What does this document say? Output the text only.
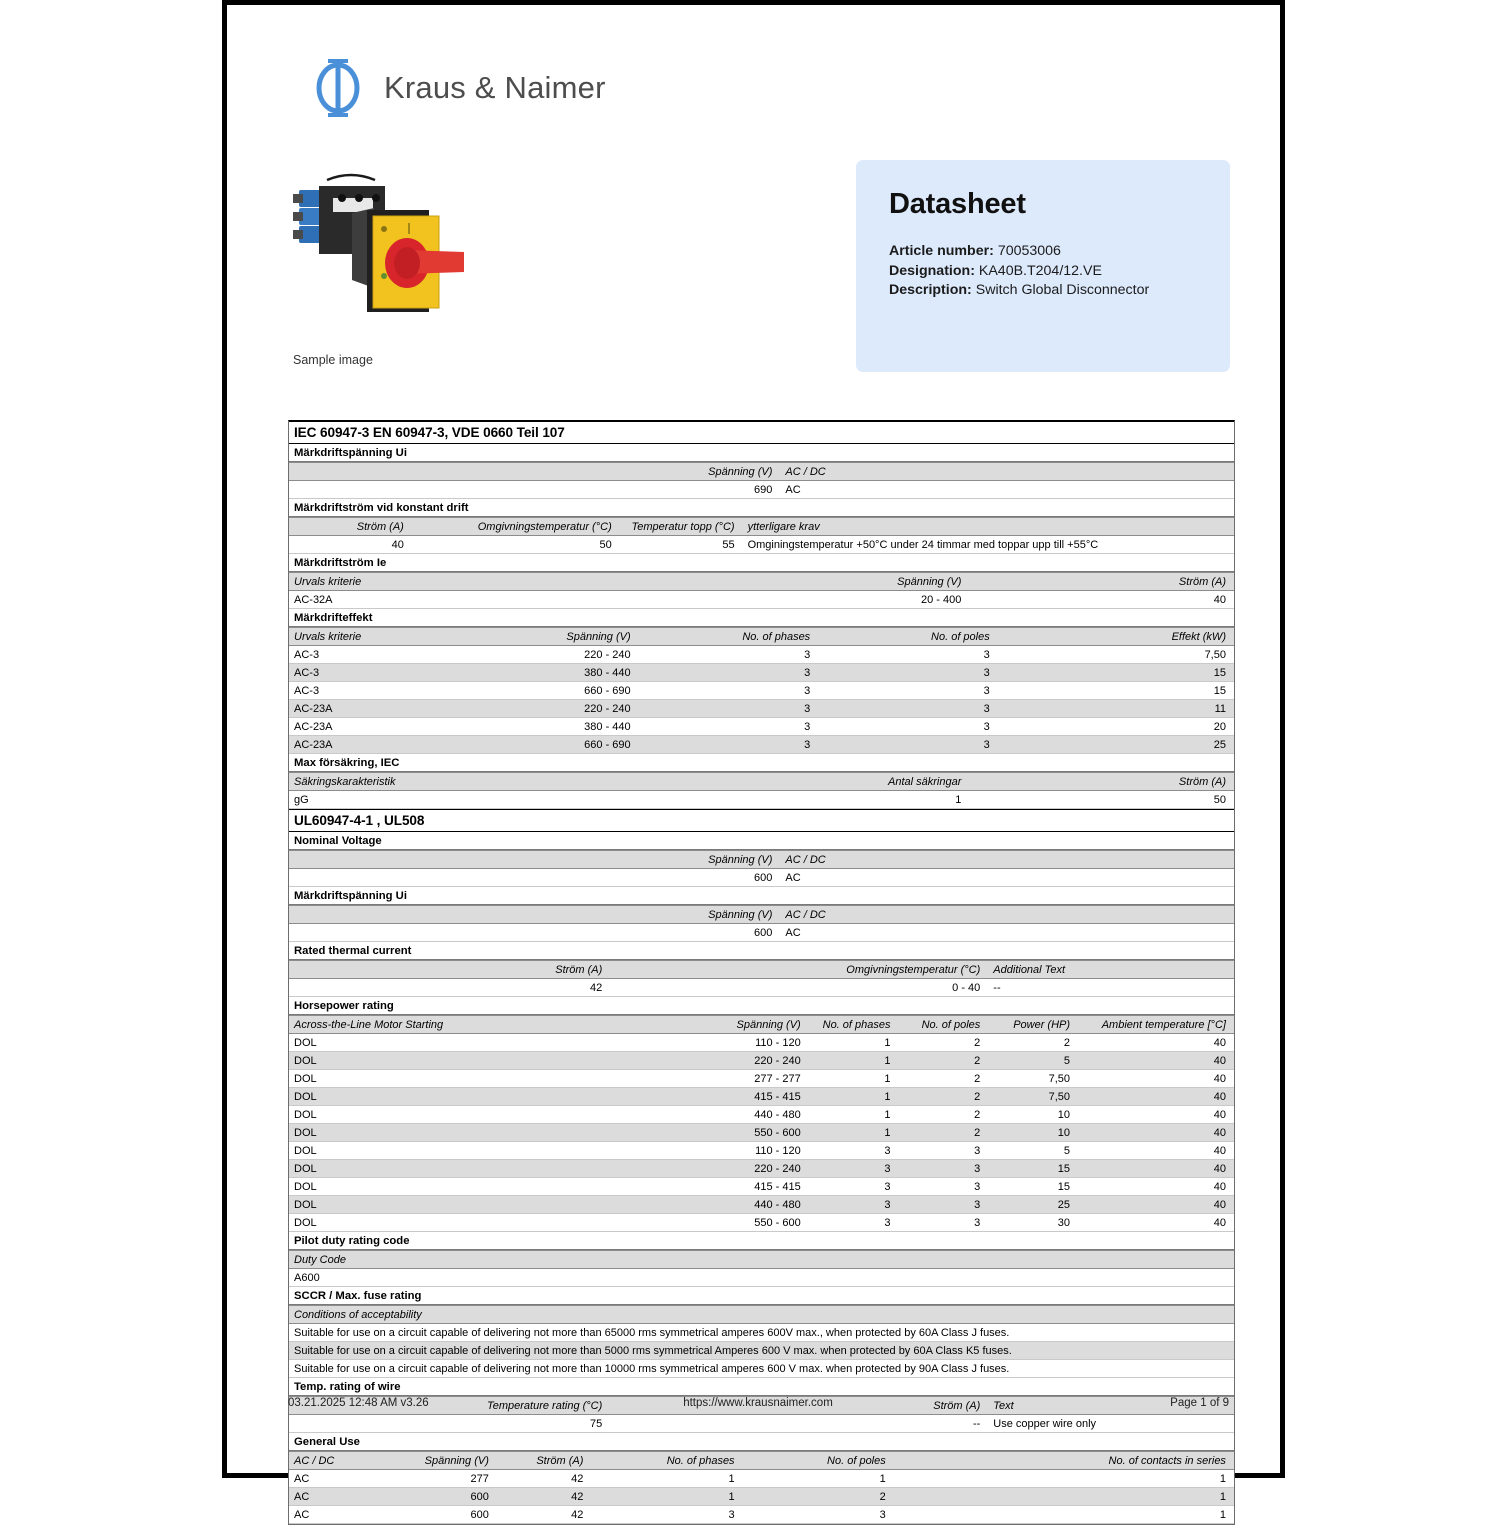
Kraus & Naimer
Sample image
Datasheet
Article number: 70053006
Designation: KA40B.T204/12.VE
Description: Switch Global Disconnector
IEC 60947-3 EN 60947-3, VDE 0660 Teil 107
Märkdriftspänning Ui
Spänning (V)	AC / DC
690	AC
Märkdriftström vid konstant drift
Ström (A)	Omgivningstemperatur (°C)	Temperatur topp (°C)	ytterligare krav
40	50	55	Omginingstemperatur +50°C under 24 timmar med toppar upp till +55°C
Märkdriftström Ie
Urvals kriterie	Spänning (V)	Ström (A)
AC-32A	20 - 400	40
Märkdrifteffekt
Urvals kriterie	Spänning (V)	No. of phases	No. of poles	Effekt (kW)
AC-3	220 - 240	3	3	7,50
AC-3	380 - 440	3	3	15
AC-3	660 - 690	3	3	15
AC-23A	220 - 240	3	3	11
AC-23A	380 - 440	3	3	20
AC-23A	660 - 690	3	3	25
Max försäkring, IEC
Säkringskarakteristik	Antal säkringar	Ström (A)
gG	1	50
UL60947-4-1 , UL508
Nominal Voltage
Spänning (V)	AC / DC
600	AC
Märkdriftspänning Ui
Spänning (V)	AC / DC
600	AC
Rated thermal current
Ström (A)	Omgivningstemperatur (°C)	Additional Text
42	0 - 40	--
Horsepower rating
Across-the-Line Motor Starting	Spänning (V)	No. of phases	No. of poles	Power (HP)	Ambient temperature [°C]
DOL	110 - 120	1	2	2	40
DOL	220 - 240	1	2	5	40
DOL	277 - 277	1	2	7,50	40
DOL	415 - 415	1	2	7,50	40
DOL	440 - 480	1	2	10	40
DOL	550 - 600	1	2	10	40
DOL	110 - 120	3	3	5	40
DOL	220 - 240	3	3	15	40
DOL	415 - 415	3	3	15	40
DOL	440 - 480	3	3	25	40
DOL	550 - 600	3	3	30	40
Pilot duty rating code
Duty Code
A600
SCCR / Max. fuse rating
Conditions of acceptability
Suitable for use on a circuit capable of delivering not more than 65000 rms symmetrical amperes 600V max., when protected by 60A Class J fuses.
Suitable for use on a circuit capable of delivering not more than 5000 rms symmetrical Amperes 600 V max. when protected by 60A Class K5 fuses.
Suitable for use on a circuit capable of delivering not more than 10000 rms symmetrical amperes 600 V max. when protected by 90A Class J fuses.
Temp. rating of wire
Temperature rating (°C)	Ström (A)	Text
75	--	Use copper wire only
General Use
AC / DC	Spänning (V)	Ström (A)	No. of phases	No. of poles	No. of contacts in series
AC	277	42	1	1	1
AC	600	42	1	2	1
AC	600	42	3	3	1
03.21.2025 12:48 AM v3.26	https://www.krausnaimer.com	Page 1 of 9
